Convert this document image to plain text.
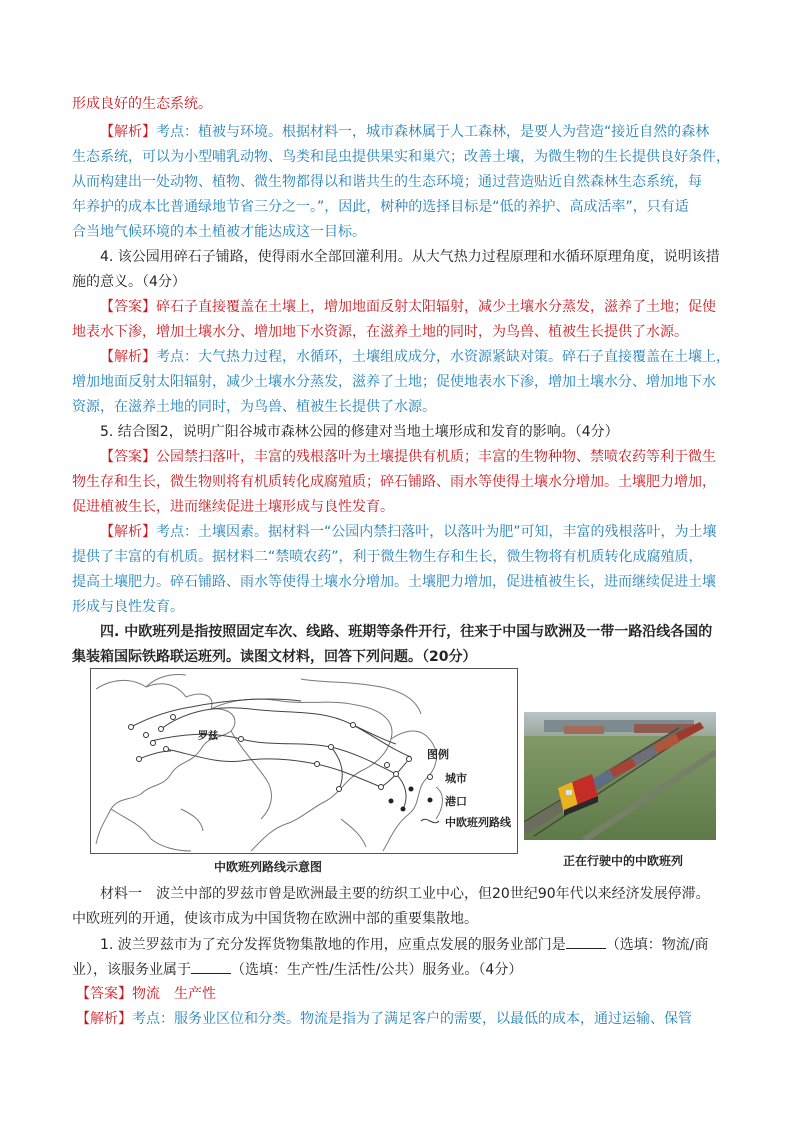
形成良好的生态系统。
【解析】考点：植被与环境。根据材料一，城市森林属于人工森林，是要人为营造“接近自然的森林
生态系统，可以为小型哺乳动物、鸟类和昆虫提供果实和巢穴；改善土壤，为微生物的生长提供良好条件，
从而构建出一处动物、植物、微生物都得以和谐共生的生态环境；通过营造贴近自然森林生态系统，每
年养护的成本比普通绿地节省三分之一。”，因此，树种的选择目标是“低的养护、高成活率”，只有适
合当地气候环境的本土植被才能达成这一目标。
4. 该公园用碎石子铺路，使得雨水全部回灌利用。从大气热力过程原理和水循环原理角度，说明该措
施的意义。（4分）
【答案】碎石子直接覆盖在土壤上，增加地面反射太阳辐射，减少土壤水分蒸发，滋养了土地；促使
地表水下渗，增加土壤水分、增加地下水资源，在滋养土地的同时，为鸟兽、植被生长提供了水源。
【解析】考点：大气热力过程，水循环，土壤组成成分，水资源紧缺对策。碎石子直接覆盖在土壤上，
增加地面反射太阳辐射，减少土壤水分蒸发，滋养了土地；促使地表水下渗，增加土壤水分、增加地下水
资源，在滋养土地的同时，为鸟兽、植被生长提供了水源。
5. 结合图2，说明广阳谷城市森林公园的修建对当地土壤形成和发育的影响。（4分）
【答案】公园禁扫落叶，丰富的残根落叶为土壤提供有机质；丰富的生物种物、禁喷农药等利于微生
物生存和生长，微生物则将有机质转化成腐殖质；碎石铺路、雨水等使得土壤水分增加。土壤肥力增加，
促进植被生长，进而继续促进土壤形成与良性发育。
【解析】考点：土壤因素。据材料一“公园内禁扫落叶，以落叶为肥”可知，丰富的残根落叶，为土壤
提供了丰富的有机质。据材料二“禁喷农药”，利于微生物生存和生长，微生物将有机质转化成腐殖质，
提高土壤肥力。碎石铺路、雨水等使得土壤水分增加。土壤肥力增加，促进植被生长，进而继续促进土壤
形成与良性发育。
四. 中欧班列是指按照固定车次、线路、班期等条件开行，往来于中国与欧洲及一带一路沿线各国的
集装箱国际铁路联运班列。读图文材料，回答下列问题。（20分）
罗兹
图例
城市
港口
中欧班列路线
中欧班列路线示意图	正在行驶中的中欧班列
材料一　波兰中部的罗兹市曾是欧洲最主要的纺织工业中心，但20世纪90年代以来经济发展停滞。
中欧班列的开通，使该市成为中国货物在欧洲中部的重要集散地。
1. 波兰罗兹市为了充分发挥货物集散地的作用，应重点发展的服务业部门是	（选填：物流/商
业），该服务业属于	（选填：生产性/生活性/公共）服务业。（4分）
【答案】物流　生产性
【解析】考点：服务业区位和分类。物流是指为了满足客户的需要，以最低的成本，通过运输、保管
